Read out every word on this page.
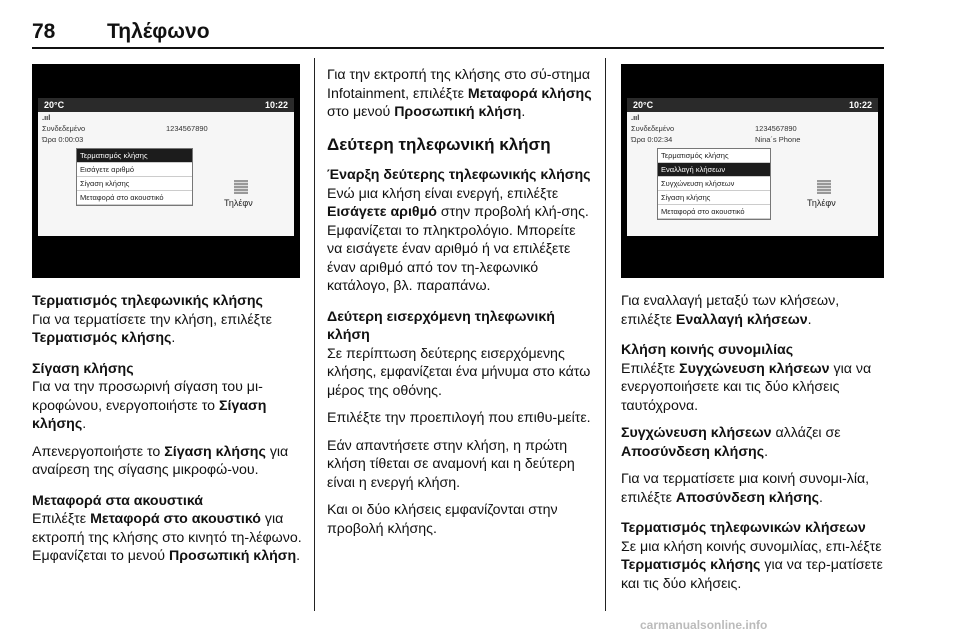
78 Τηλέφωνο
20°C	10:22
.ııl
Συνδεδεμένο	1234567890
Ώρα 0:00:03
Τερματισμός κλήσης
Εισάγετε αριθμό
Σίγαση κλήσης
Μεταφορά στο ακουστικό
Τηλέφν
Τερματισμός τηλεφωνικής κλήσης

Για να τερματίσετε την κλήση, επιλέξτε Τερματισμός κλήσης.

Σίγαση κλήσης

Για να την προσωρινή σίγαση του μι-κροφώνου, ενεργοποιήστε το Σίγαση κλήσης.

Απενεργοποιήστε το Σίγαση κλήσης για αναίρεση της σίγασης μικροφώ-νου.

Μεταφορά στα ακουστικά

Επιλέξτε Μεταφορά στο ακουστικό για εκτροπή της κλήσης στο κινητό τη-λέφωνο. Εμφανίζεται το μενού Προσωπική κλήση.

Για την εκτροπή της κλήσης στο σύ-στημα Infotainment, επιλέξτε Μεταφορά κλήσης στο μενού Προσωπική κλήση.

Δεύτερη τηλεφωνική κλήση
Έναρξη δεύτερης τηλεφωνικής κλήσης

Ενώ μια κλήση είναι ενεργή, επιλέξτε Εισάγετε αριθμό στην προβολή κλή-σης. Εμφανίζεται το πληκτρολόγιο. Μπορείτε να εισάγετε έναν αριθμό ή να επιλέξετε έναν αριθμό από τον τη-λεφωνικό κατάλογο, βλ. παραπάνω.

Δεύτερη εισερχόμενη τηλεφωνική κλήση

Σε περίπτωση δεύτερης εισερχόμενης κλήσης, εμφανίζεται ένα μήνυμα στο κάτω μέρος της οθόνης.

Επιλέξτε την προεπιλογή που επιθυ-μείτε.

Εάν απαντήσετε στην κλήση, η πρώτη κλήση τίθεται σε αναμονή και η δεύτερη είναι η ενεργή κλήση.

Και οι δύο κλήσεις εμφανίζονται στην προβολή κλήσης.

20°C	10:22
.ııl
Συνδεδεμένο	1234567890
Ώρα 0:02:34	Nina´s Phone
Τερματισμός κλήσης
Εναλλαγή κλήσεων
Συγχώνευση κλήσεων
Σίγαση κλήσης
Μεταφορά στο ακουστικό
Τηλέφν

Για εναλλαγή μεταξύ των κλήσεων, επιλέξτε Εναλλαγή κλήσεων.

Κλήση κοινής συνομιλίας

Επιλέξτε Συγχώνευση κλήσεων για να ενεργοποιήσετε και τις δύο κλήσεις ταυτόχρονα.

Συγχώνευση κλήσεων αλλάζει σε Αποσύνδεση κλήσης.

Για να τερματίσετε μια κοινή συνομι-λία, επιλέξτε Αποσύνδεση κλήσης.

Τερματισμός τηλεφωνικών κλήσεων

Σε μια κλήση κοινής συνομιλίας, επι-λέξτε Τερματισμός κλήσης για να τερ-ματίσετε και τις δύο κλήσεις.

carmanualsonline.info
